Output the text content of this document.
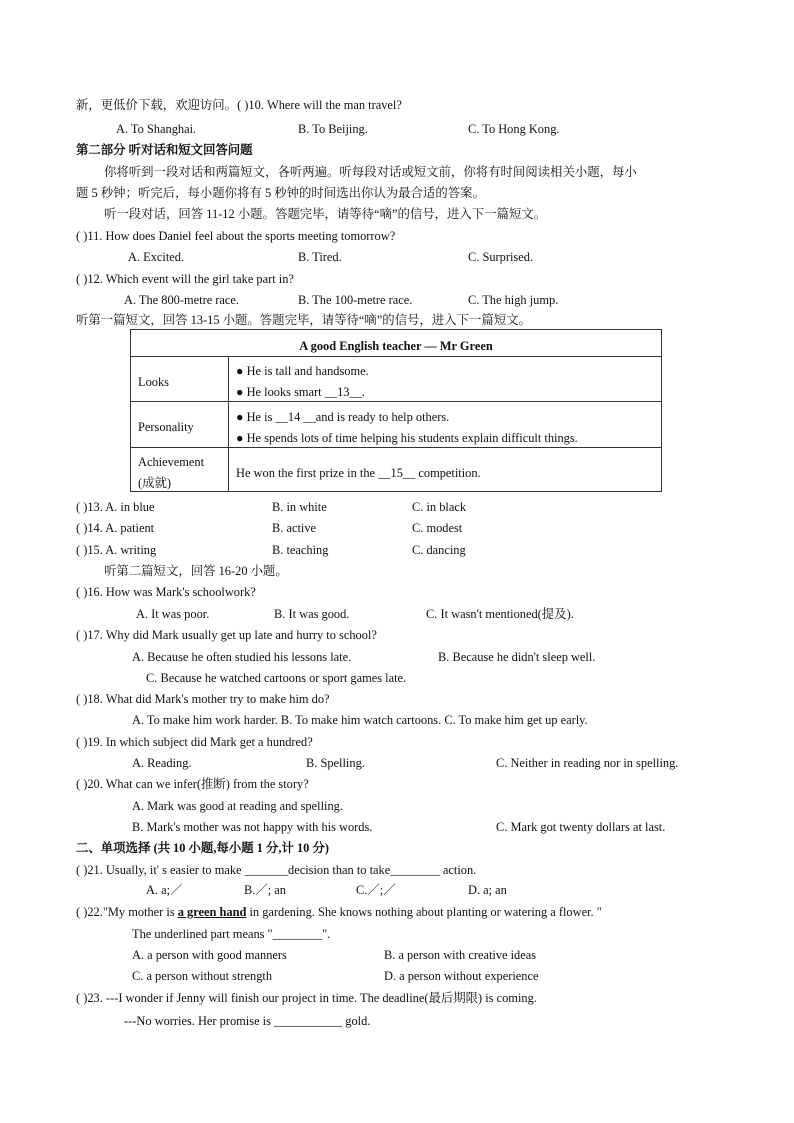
新，更低价下载，欢迎访问。( )10. Where will the man travel?
A. To Shanghai.	B. To Beijing.	C. To Hong Kong.
第二部分 听对话和短文回答问题
你将听到一段对话和两篇短文，各听两遍。听每段对话或短文前，你将有时间阅读相关小题，每小
题 5 秒钟；听完后，每小题你将有 5 秒钟的时间选出你认为最合适的答案。
听一段对话，回答 11-12 小题。答题完毕，请等待“嘀”的信号，进入下一篇短文。
( )11. How does Daniel feel about the sports meeting tomorrow?
A. Excited.	B. Tired.	C. Surprised.
( )12. Which event will the girl take part in?
A. The 800-metre race.	B. The 100-metre race.	C. The high jump.
听第一篇短文，回答 13-15 小题。答题完毕，请等待“嘀”的信号，进入下一篇短文。
A good English teacher — Mr Green
Looks
● He is tall and handsome.
● He looks smart __13__.
Personality
● He is __14 __and is ready to help others.
● He spends lots of time helping his students explain difficult things.
Achievement
(成就)
He won the first prize in the __15__ competition.
( )13. A. in blue	B. in white	C. in black
( )14. A. patient	B. active	C. modest
( )15. A. writing	B. teaching	C. dancing
听第二篇短文，回答 16-20 小题。
( )16. How was Mark's schoolwork?
A. It was poor.	B. It was good.	C. It wasn't mentioned(提及).
( )17. Why did Mark usually get up late and hurry to school?
A. Because he often studied his lessons late.	B. Because he didn't sleep well.
C. Because he watched cartoons or sport games late.
( )18. What did Mark's mother try to make him do?
A. To make him work harder. B. To make him watch cartoons. C. To make him get up early.
( )19. In which subject did Mark get a hundred?
A. Reading.	B. Spelling.	C. Neither in reading nor in spelling.
( )20. What can we infer(推断) from the story?
A. Mark was good at reading and spelling.
B. Mark's mother was not happy with his words.	C. Mark got twenty dollars at last.
二、单项选择 (共 10 小题,每小题 1 分,计 10 分)
( )21. Usually, it' s easier to make _______decision than to take________ action.
A. a;／	B.／; an	C.／;／	D. a; an
( )22."My mother is a green hand in gardening. She knows nothing about planting or watering a flower. "
The underlined part means "________".
A. a person with good manners	B. a person with creative ideas
C. a person without strength	D. a person without experience
( )23. ---I wonder if Jenny will finish our project in time. The deadline(最后期限) is coming.
---No worries. Her promise is ___________ gold.
